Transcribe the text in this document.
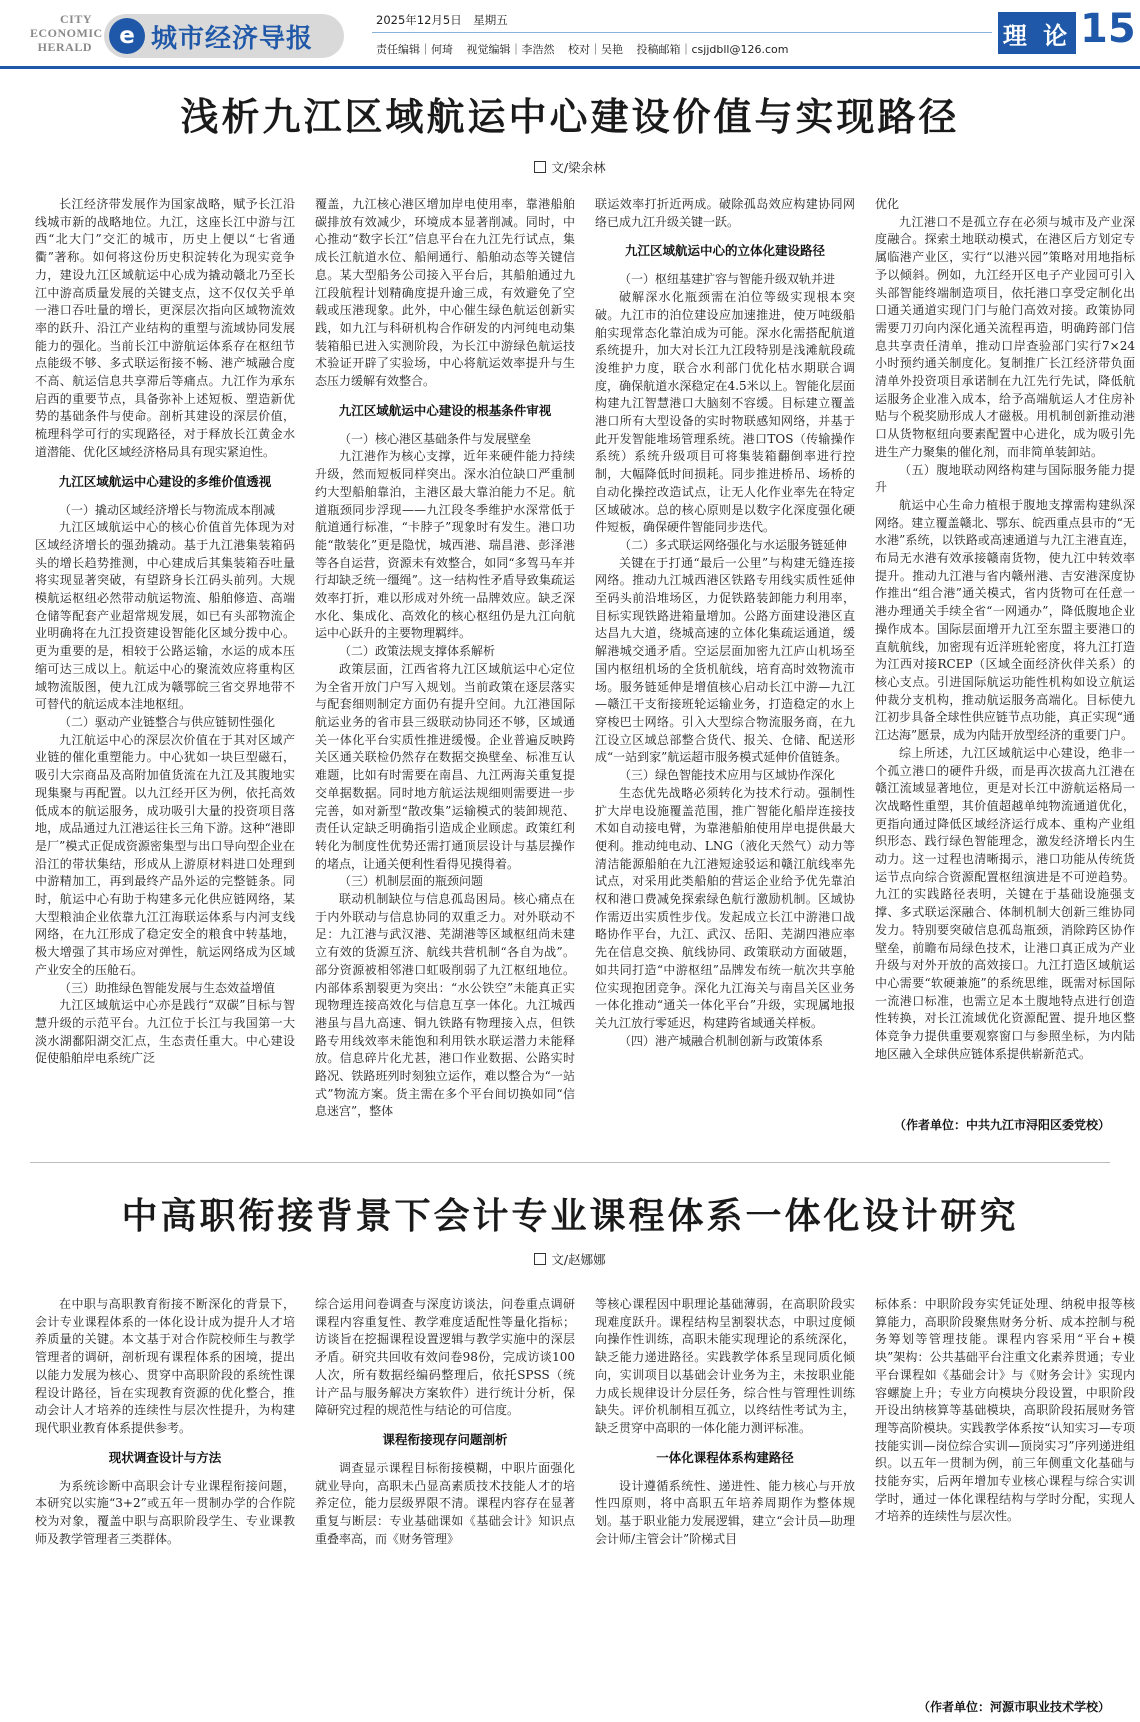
CITY
ECONOMIC
HERALD	e 城市经济导报
2025年12月5日　星期五
责任编辑｜何琦 视觉编辑｜李浩然 校对｜吴艳 投稿邮箱｜csjjdbll@126.com	理 论 15
浅析九江区域航运中心建设价值与实现路径
文/梁余林

长江经济带发展作为国家战略，赋予长江沿线城市新的战略地位。九江，这座长江中游与江西“北大门”交汇的城市，历史上便以“七省通衢”著称。如何将这份历史积淀转化为现实竞争力，建设九江区域航运中心成为撬动赣北乃至长江中游高质量发展的关键支点，这不仅仅关乎单一港口吞吐量的增长，更深层次指向区域物流效率的跃升、沿江产业结构的重塑与流域协同发展能力的强化。当前长江中游航运体系存在枢纽节点能级不够、多式联运衔接不畅、港产城融合度不高、航运信息共享滞后等痛点。九江作为承东启西的重要节点，具备弥补上述短板、塑造新优势的基础条件与使命。剖析其建设的深层价值，梳理科学可行的实现路径，对于释放长江黄金水道潜能、优化区域经济格局具有现实紧迫性。

九江区域航运中心建设的多维价值透视

（一）撬动区域经济增长与物流成本削减

九江区域航运中心的核心价值首先体现为对区域经济增长的强劲撬动。基于九江港集装箱码头的增长趋势推测，中心建成后其集装箱吞吐量将实现显著突破，有望跻身长江码头前列。大规模航运枢纽必然带动航运物流、船舶修造、高端仓储等配套产业超常规发展，如已有头部物流企业明确将在九江投资建设智能化区域分拨中心。更为重要的是，相较于公路运输，水运的成本压缩可达三成以上。航运中心的聚流效应将重构区域物流版图，使九江成为赣鄂皖三省交界地带不可替代的航运成本洼地枢纽。

（二）驱动产业链整合与供应链韧性强化

九江航运中心的深层次价值在于其对区域产业链的催化重塑能力。中心犹如一块巨型磁石，吸引大宗商品及高附加值货流在九江及其腹地实现集聚与再配置。以九江经开区为例，依托高效低成本的航运服务，成功吸引大量的投资项目落地，成品通过九江港运往长三角下游。这种“港即是厂”模式正促成资源密集型与出口导向型企业在沿江的带状集结，形成从上游原材料进口处理到中游精加工，再到最终产品外运的完整链条。同时，航运中心有助于构建多元化供应链网络，某大型粮油企业依靠九江江海联运体系与内河支线网络，在九江形成了稳定安全的粮食中转基地，极大增强了其市场应对弹性，航运网络成为区域产业安全的压舱石。

（三）助推绿色智能发展与生态效益增值

九江区域航运中心亦是践行“双碳”目标与智慧升级的示范平台。九江位于长江与我国第一大淡水湖鄱阳湖交汇点，生态责任重大。中心建设促使船舶岸电系统广泛

覆盖，九江核心港区增加岸电使用率，靠港船舶碳排放有效减少，环境成本显著削减。同时，中心推动“数字长江”信息平台在九江先行试点，集成长江航道水位、船闸通行、船舶动态等关键信息。某大型船务公司接入平台后，其船舶通过九江段航程计划精确度提升逾三成，有效避免了空载或压港现象。此外，中心催生绿色航运创新实践，如九江与科研机构合作研发的内河纯电动集装箱船已进入实测阶段，为长江中游绿色航运技术验证开辟了实验场，中心将航运效率提升与生态压力缓解有效整合。

九江区域航运中心建设的根基条件审视

（一）核心港区基础条件与发展壁垒

九江港作为核心支撑，近年来硬件能力持续升级，然而短板同样突出。深水泊位缺口严重制约大型船舶靠泊，主港区最大靠泊能力不足。航道瓶颈同步浮现——九江段冬季维护水深常低于航道通行标准，“卡脖子”现象时有发生。港口功能“散装化”更是隐忧，城西港、瑞昌港、彭泽港等各自运营，资源未有效整合，如同“多驾马车并行却缺乏统一缰绳”。这一结构性矛盾导致集疏运效率打折，难以形成对外统一品牌效应。缺乏深水化、集成化、高效化的核心枢纽仍是九江向航运中心跃升的主要物理羁绊。

（二）政策法规支撑体系解析

政策层面，江西省将九江区域航运中心定位为全省开放门户写入规划。当前政策在逐层落实与配套细则制定方面仍有提升空间。九江港国际航运业务的省市县三级联动协同还不够，区域通关一体化平台实质性推进缓慢。企业普遍反映跨关区通关联检仍然存在数据交换壁垒、标准互认难题，比如有时需要在南昌、九江两海关重复提交单据数据。同时地方航运法规细则需要进一步完善，如对新型“散改集”运输模式的装卸规范、责任认定缺乏明确指引造成企业顾虑。政策红利转化为制度性优势还需打通顶层设计与基层操作的堵点，让通关便利性看得见摸得着。

（三）机制层面的瓶颈问题

联动机制缺位与信息孤岛困局。核心痛点在于内外联动与信息协同的双重乏力。对外联动不足：九江港与武汉港、芜湖港等区域枢纽尚未建立有效的货源互济、航线共营机制“各自为战”。部分资源被相邻港口虹吸削弱了九江枢纽地位。内部体系割裂更为突出：“水公铁空”未能真正实现物理连接高效化与信息互享一体化。九江城西港虽与昌九高速、铜九铁路有物理接入点，但铁路专用线效率未能饱和利用铁水联运潜力未能释放。信息碎片化尤甚，港口作业数据、公路实时路况、铁路班列时刻独立运作，难以整合为“一站式”物流方案。货主需在多个平台间切换如同“信息迷宫”，整体

联运效率打折近两成。破除孤岛效应构建协同网络已成九江升级关键一跃。

九江区域航运中心的立体化建设路径

（一）枢纽基建扩容与智能升级双轨并进

破解深水化瓶颈需在泊位等级实现根本突破。九江市的泊位建设应加速推进，使万吨级船舶实现常态化靠泊成为可能。深水化需搭配航道系统提升，加大对长江九江段特别是浅滩航段疏浚维护力度，联合水利部门优化枯水期联合调度，确保航道水深稳定在4.5米以上。智能化层面构建九江智慧港口大脑刻不容缓。目标建立覆盖港口所有大型设备的实时物联感知网络，并基于此开发智能堆场管理系统。港口TOS（传输操作系统）系统升级项目可将集装箱翻倒率进行控制，大幅降低时间损耗。同步推进桥吊、场桥的自动化操控改造试点，让无人化作业率先在特定区域破冰。总的核心原则是以数字化深度强化硬件短板，确保硬件智能同步迭代。

（二）多式联运网络强化与水运服务链延伸

关键在于打通“最后一公里”与构建无缝连接网络。推动九江城西港区铁路专用线实质性延伸至码头前沿堆场区，力促铁路装卸能力利用率，目标实现铁路进箱量增加。公路方面建设港区直达昌九大道，绕城高速的立体化集疏运通道，缓解港城交通矛盾。空运层面加密九江庐山机场至国内枢纽机场的全货机航线，培育高时效物流市场。服务链延伸是增值核心启动长江中游—九江—赣江干支衔接班轮运输业务，打造稳定的水上穿梭巴士网络。引入大型综合物流服务商，在九江设立区域总部整合货代、报关、仓储、配送形成“一站到家”航运超市服务模式延伸价值链条。

（三）绿色智能技术应用与区域协作深化

生态优先战略必须转化为技术行动。强制性扩大岸电设施覆盖范围，推广智能化船岸连接技术如自动接电臂，为靠港船舶使用岸电提供最大便利。推动纯电动、LNG（液化天然气）动力等清洁能源船舶在九江港短途驳运和赣江航线率先试点，对采用此类船舶的营运企业给予优先靠泊权和港口费减免探索绿色航行激励机制。区域协作需迈出实质性步伐。发起成立长江中游港口战略协作平台，九江、武汉、岳阳、芜湖四港应率先在信息交换、航线协同、政策联动方面破题，如共同打造“中游枢纽”品牌发布统一航次共享舱位实现抱团竞争。深化九江海关与南昌关区业务一体化推动“通关一体化平台”升级，实现属地报关九江放行零延迟，构建跨省域通关样板。

（四）港产城融合机制创新与政策体系

优化

九江港口不是孤立存在必须与城市及产业深度融合。探索土地联动模式，在港区后方划定专属临港产业区，实行“以港兴园”策略对用地指标予以倾斜。例如，九江经开区电子产业园可引入头部智能终端制造项目，依托港口享受定制化出口通关通道实现门门与舱门高效对接。政策协同需要刀刃向内深化通关流程再造，明确跨部门信息共享责任清单，推动口岸查验部门实行7×24小时预约通关制度化。复制推广长江经济带负面清单外投资项目承诺制在九江先行先试，降低航运服务企业准入成本，给予高端航运人才住房补贴与个税奖励形成人才磁极。用机制创新推动港口从货物枢纽向要素配置中心进化，成为吸引先进生产力聚集的催化剂，而非简单装卸站。

（五）腹地联动网络构建与国际服务能力提升

航运中心生命力植根于腹地支撑需构建纵深网络。建立覆盖赣北、鄂东、皖西重点县市的“无水港”系统，以铁路或高速通道与九江主港直连，布局无水港有效承接赣南货物，使九江中转效率提升。推动九江港与省内赣州港、吉安港深度协作推出“组合港”通关模式，省内货物可在任意一港办理通关手续全省“一网通办”，降低腹地企业操作成本。国际层面增开九江至东盟主要港口的直航航线，加密现有近洋班轮密度，将九江打造为江西对接RCEP（区域全面经济伙伴关系）的核心支点。引进国际航运功能性机构如设立航运仲裁分支机构，推动航运服务高端化。目标使九江初步具备全球性供应链节点功能，真正实现“通江达海”愿景，成为内陆开放型经济的重要门户。

综上所述，九江区域航运中心建设，绝非一个孤立港口的硬件升级，而是再次拔高九江港在赣江流域显著地位，更是对长江中游航运格局一次战略性重塑，其价值超越单纯物流通道优化，更指向通过降低区域经济运行成本、重构产业组织形态、践行绿色智能理念，激发经济增长内生动力。这一过程也清晰揭示，港口功能从传统货运节点向综合资源配置枢纽演进是不可逆趋势。九江的实践路径表明，关键在于基础设施强支撑、多式联运深融合、体制机制大创新三维协同发力。特别要突破信息孤岛瓶颈，消除跨区协作壁垒，前瞻布局绿色技术，让港口真正成为产业升级与对外开放的高效接口。九江打造区域航运中心需要“软硬兼施”的系统思维，既需对标国际一流港口标准，也需立足本土腹地特点进行创造性转换，对长江流域优化资源配置、提升地区整体竞争力提供重要观察窗口与参照坐标，为内陆地区融入全球供应链体系提供崭新范式。

（作者单位：中共九江市浔阳区委党校）
中高职衔接背景下会计专业课程体系一体化设计研究
文/赵娜娜

在中职与高职教育衔接不断深化的背景下，会计专业课程体系的一体化设计成为提升人才培养质量的关键。本文基于对合作院校师生与教学管理者的调研，剖析现有课程体系的困境，提出以能力发展为核心、贯穿中高职阶段的系统性课程设计路径，旨在实现教育资源的优化整合，推动会计人才培养的连续性与层次性提升，为构建现代职业教育体系提供参考。

现状调查设计与方法

为系统诊断中高职会计专业课程衔接问题，本研究以实施“3+2”或五年一贯制办学的合作院校为对象，覆盖中职与高职阶段学生、专业课教师及教学管理者三类群体。

综合运用问卷调查与深度访谈法，问卷重点调研课程内容重复性、教学难度适配性等量化指标；访谈旨在挖掘课程设置逻辑与教学实施中的深层矛盾。研究共回收有效问卷98份，完成访谈100人次，所有数据经编码整理后，依托SPSS（统计产品与服务解决方案软件）进行统计分析，保障研究过程的规范性与结论的可信度。

课程衔接现存问题剖析

调查显示课程目标衔接模糊，中职片面强化就业导向，高职未凸显高素质技术技能人才的培养定位，能力层级界限不清。课程内容存在显著重复与断层：专业基础课如《基础会计》知识点重叠率高，而《财务管理》

等核心课程因中职理论基础薄弱，在高职阶段实现难度跃升。课程结构呈割裂状态，中职过度倾向操作性训练，高职未能实现理论的系统深化，缺乏能力递进路径。实践教学体系呈现同质化倾向，实训项目以基础会计业务为主，未按职业能力成长规律设计分层任务，综合性与管理性训练缺失。评价机制相互孤立，以终结性考试为主，缺乏贯穿中高职的一体化能力测评标准。

一体化课程体系构建路径

设计遵循系统性、递进性、能力核心与开放性四原则，将中高职五年培养周期作为整体规划。基于职业能力发展逻辑，建立“会计员—助理会计师/主管会计”阶梯式目

标体系：中职阶段夯实凭证处理、纳税申报等核算能力，高职阶段聚焦财务分析、成本控制与税务筹划等管理技能。课程内容采用“平台+模块”架构：公共基础平台注重文化素养贯通；专业平台课程如《基础会计》与《财务会计》实现内容螺旋上升；专业方向模块分段设置，中职阶段开设出纳核算等基础模块，高职阶段拓展财务管理等高阶模块。实践教学体系按“认知实习—专项技能实训—岗位综合实训—顶岗实习”序列递进组织。以五年一贯制为例，前三年侧重文化基础与技能夯实，后两年增加专业核心课程与综合实训学时，通过一体化课程结构与学时分配，实现人才培养的连续性与层次性。

（作者单位：河源市职业技术学校）
